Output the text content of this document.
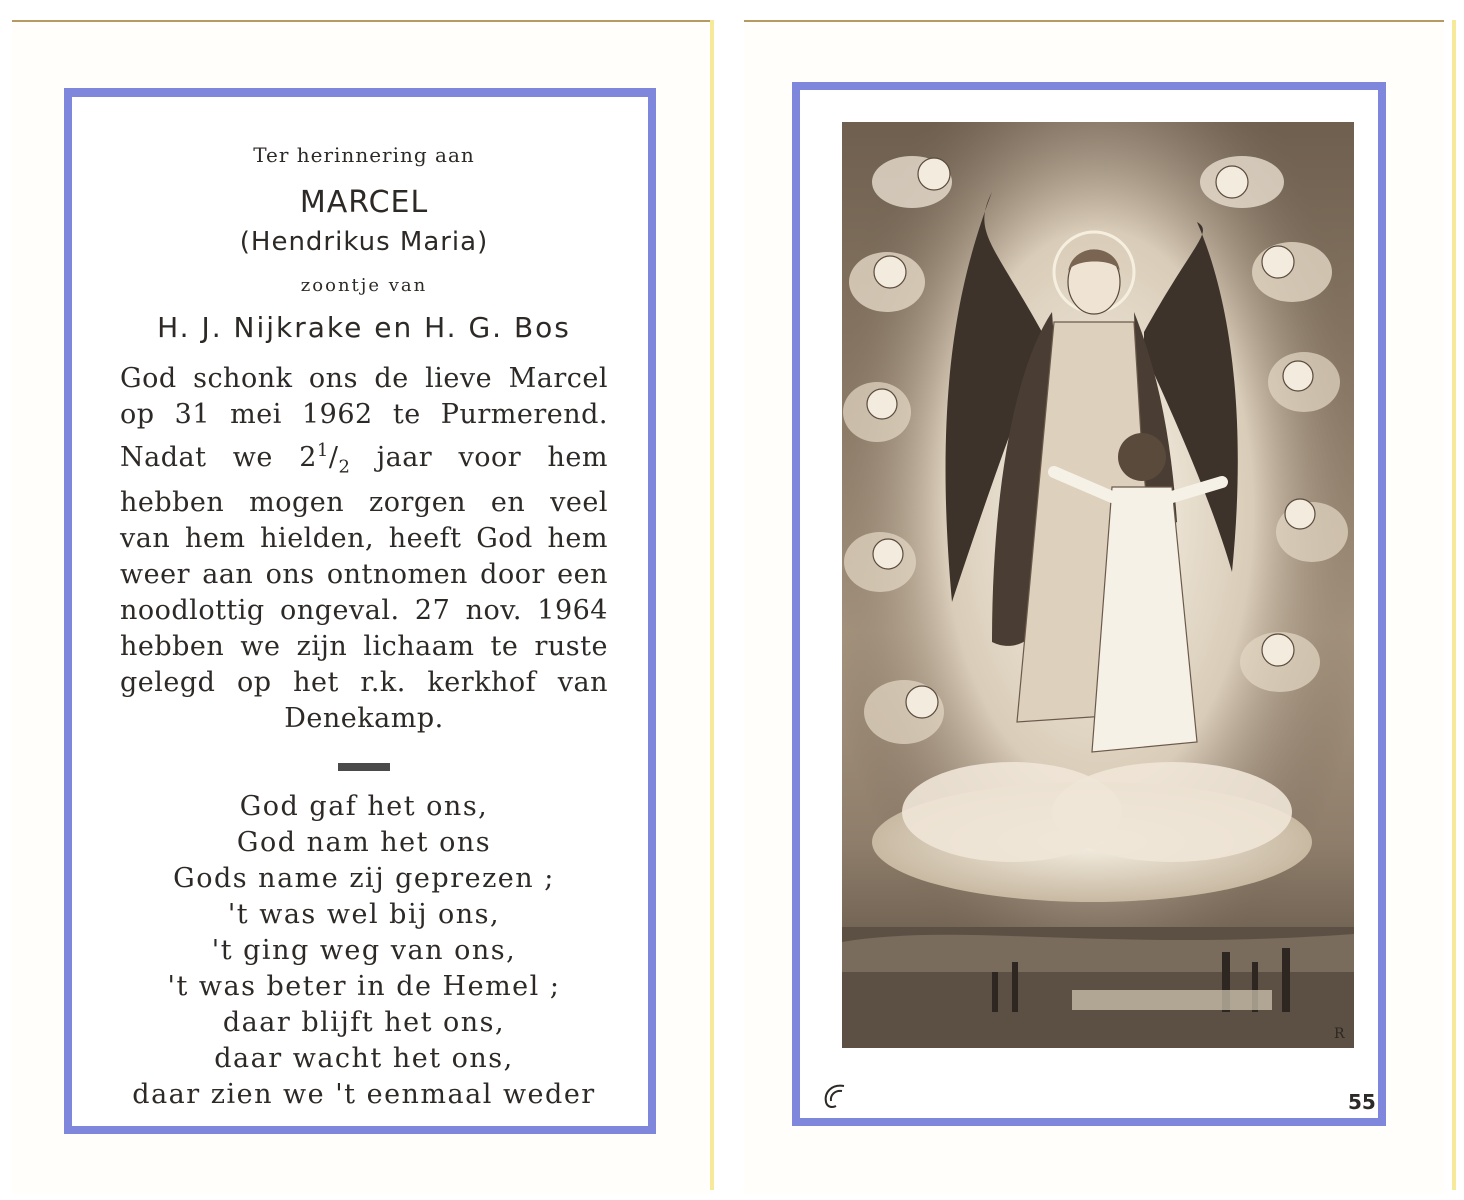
Ter herinnering aan
MARCEL
(Hendrikus Maria)
zoontje van
H. J. Nijkrake en H. G. Bos
God schonk ons de lieve Marcel
op 31 mei 1962 te Purmerend.
Nadat we $2^1/_2$ jaar voor hem
hebben mogen zorgen en veel
van hem hielden, heeft God hem
weer aan ons ontnomen door een
noodlottig ongeval. 27 nov. 1964
hebben we zijn lichaam te ruste
gelegd op het r.k. kerkhof van
Denekamp.
God gaf het ons,
God nam het ons
Gods name zij geprezen ;
't was wel bij ons,
't ging weg van ons,
't was beter in de Hemel ;
daar blijft het ons,
daar wacht het ons,
daar zien we 't eenmaal weder
R
55
